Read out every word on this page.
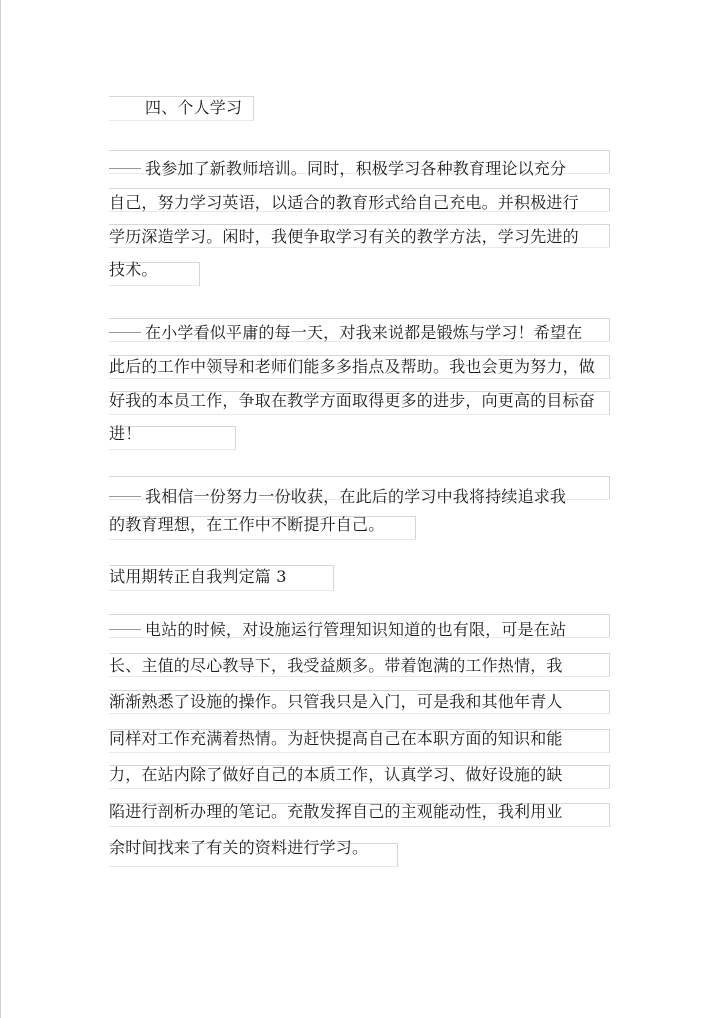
四、个人学习
我参加了新教师培训。同时，积极学习各种教育理论以充分
自己，努力学习英语，以适合的教育形式给自己充电。并积极进行
学历深造学习。闲时，我便争取学习有关的教学方法，学习先进的
技术。
在小学看似平庸的每一天，对我来说都是锻炼与学习！希望在
此后的工作中领导和老师们能多多指点及帮助。我也会更为努力，做
好我的本员工作，争取在教学方面取得更多的进步，向更高的目标奋
进！
我相信一份努力一份收获，在此后的学习中我将持续追求我
的教育理想，在工作中不断提升自己。
试用期转正自我判定篇 3
电站的时候，对设施运行管理知识知道的也有限，可是在站
长、主值的尽心教导下，我受益颇多。带着饱满的工作热情，我
渐渐熟悉了设施的操作。只管我只是入门，可是我和其他年青人
同样对工作充满着热情。为赶快提高自己在本职方面的知识和能
力，在站内除了做好自己的本质工作，认真学习、做好设施的缺
陷进行剖析办理的笔记。充散发挥自己的主观能动性，我利用业
余时间找来了有关的资料进行学习。
